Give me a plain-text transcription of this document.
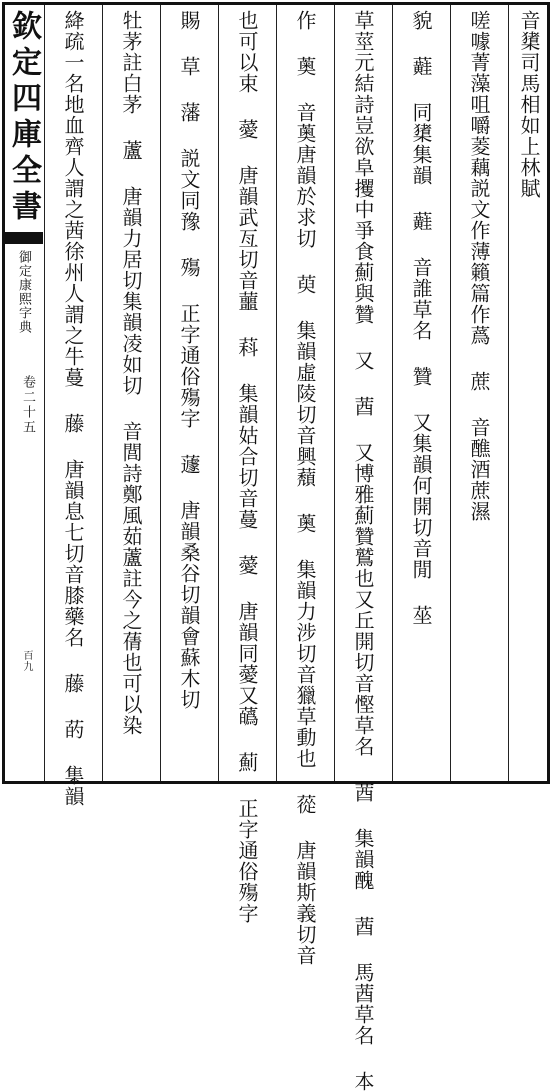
欽定四庫全書
御定康熙字典
卷二十五
百九
音橥司馬相如上林賦
嗟噱菁藻咀嚼菱藕説文作薄籟篇作蔿 蔗 音醮酒蔗濕
貌 蘳 同橥集韻 蘳 音誰草名 贊 又集韻何開切音閒 莝
草莖元結詩豈欲阜攫中爭食薊與贊 又 莤 又博雅薊贊鷲也又丘開切音慳草名 莤 集韻醜 莤 馬莤草名 本
作 薁 音薁唐韻於求切 萸 集韻虛陵切音興蘈 薁 集韻力涉切音獵草動也 蓯 唐韻斯義切音
也可以束 薆 唐韻武亙切音蘁 萪 集韻姑合切音蔓 薆 唐韻同薆又蘤 薊 正字通俗殤字
賜 草 藩 説文同豫 殤 正字通俗殤字 蘧 唐韻桑谷切韻會蘇木切
牡茅註白茅 蘆 唐韻力居切集韻凌如切 音閭詩鄭風茹蘆註今之蒨也可以染
絳疏一名地血齊人謂之茜徐州人謂之牛蔓 藤 唐韻息七切音膝藥名 藤 菂 集韻
